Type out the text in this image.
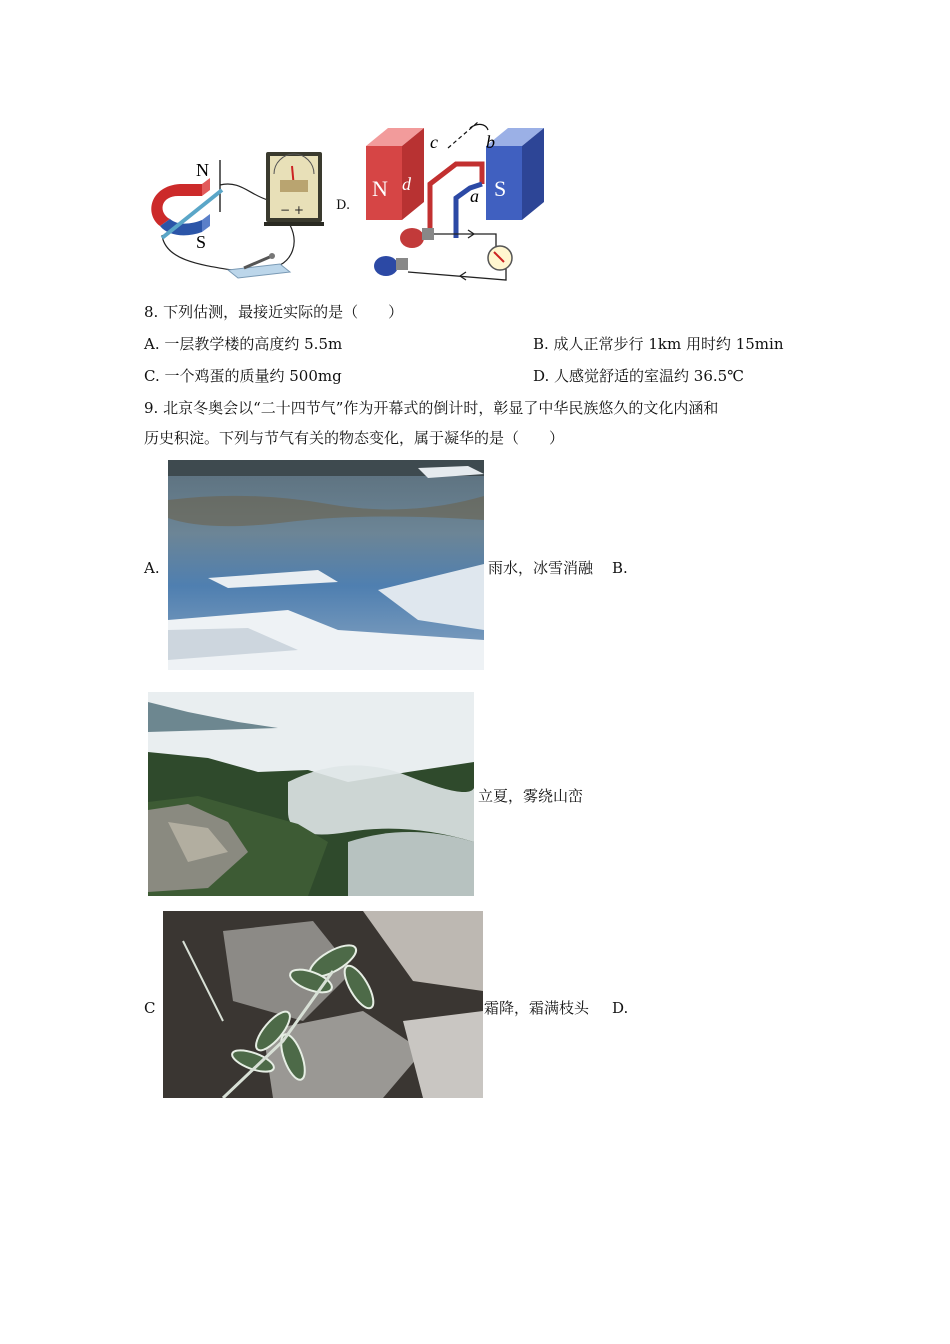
N
S
− + D.
N	S
c	b
d
a
8. 下列估测，最接近实际的是（　　）
A. 一层教学楼的高度约 5.5m	B. 成人正常步行 1km 用时约 15min
C. 一个鸡蛋的质量约 500mg	D. 人感觉舒适的室温约 36.5℃
9. 北京冬奥会以“二十四节气”作为开幕式的倒计时，彰显了中华民族悠久的文化内涵和
历史积淀。下列与节气有关的物态变化，属于凝华的是（　　）
A.	雨水，冰雪消融 B.
立夏，雾绕山峦
C	霜降，霜满枝头 D.
